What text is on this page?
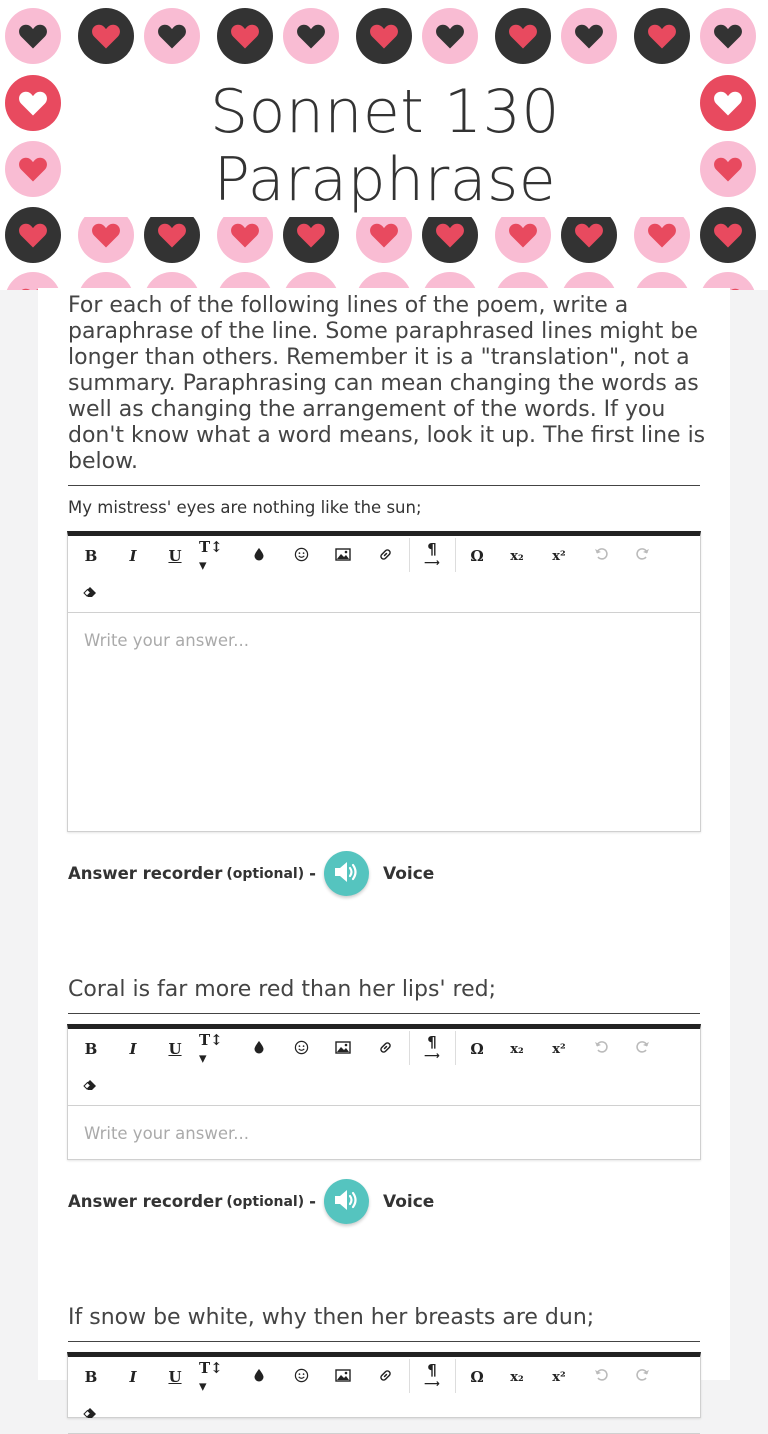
Sonnet 130
Paraphrase
For each of the following lines of the poem, write a paraphrase of the line. Some paraphrased lines might be longer than others. Remember it is a "translation", not a summary. Paraphrasing can mean changing the words as well as changing the arrangement of the words. If you don't know what a word means, look it up. The first line is below.
My mistress' eyes are nothing like the sun;
B	I	U	T↕ ▾
¶
⟶	Ω	x₂	x²
Write your answer...
Answer recorder (optional) -	Voice
Coral is far more red than her lips' red;
B	I	U	T↕ ▾
¶
⟶	Ω	x₂	x²
Write your answer...
Answer recorder (optional) -	Voice
If snow be white, why then her breasts are dun;
B	I	U	T↕ ▾
¶
⟶	Ω	x₂	x²
